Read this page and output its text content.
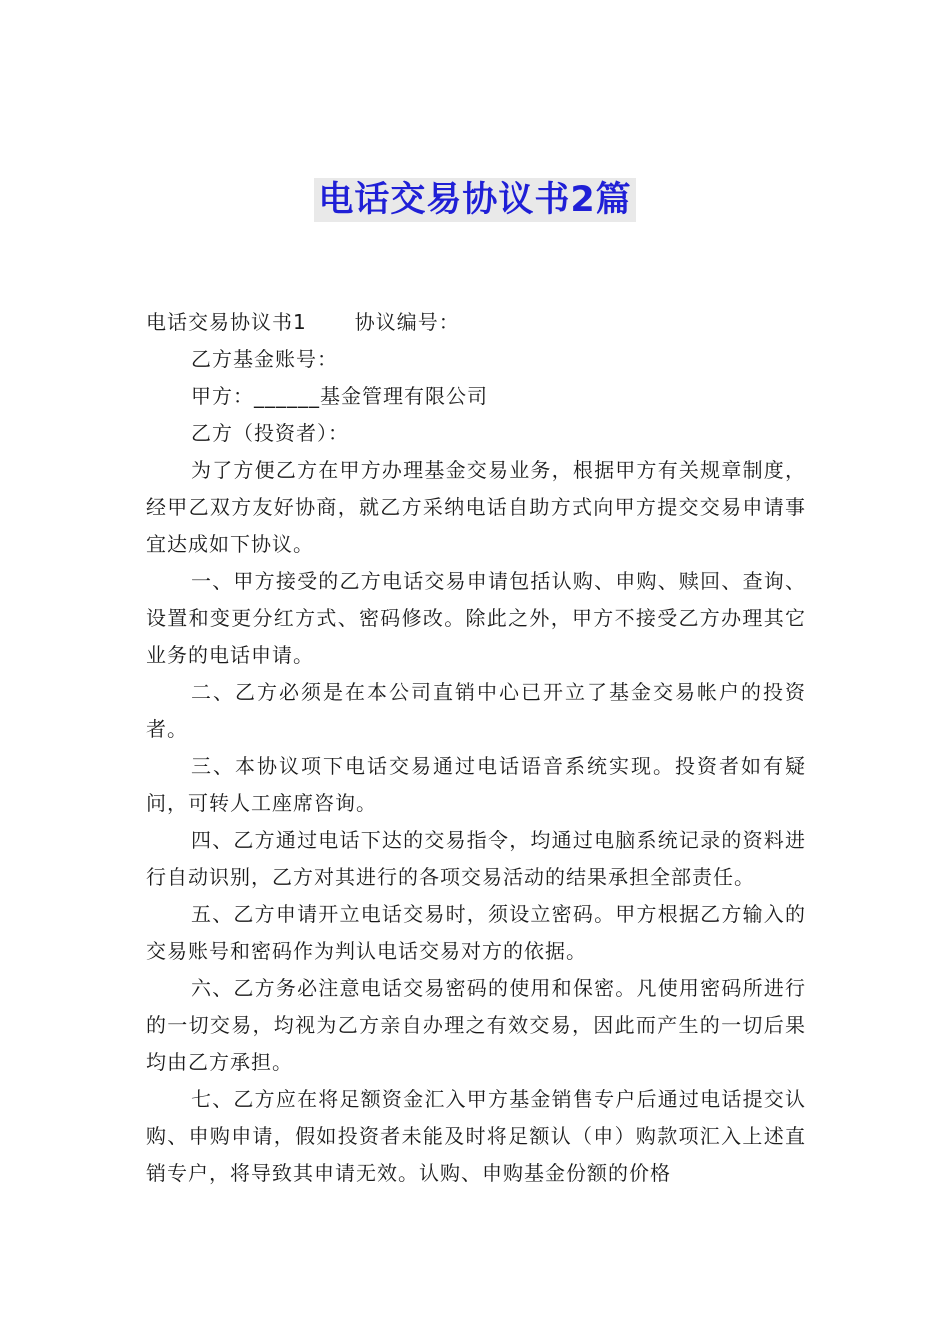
电话交易协议书2篇

电话交易协议书1 协议编号：

乙方基金账号：

甲方：______基金管理有限公司

乙方（投资者）：

为了方便乙方在甲方办理基金交易业务，根据甲方有关规章制度，经甲乙双方友好协商，就乙方采纳电话自助方式向甲方提交交易申请事宜达成如下协议。

一、甲方接受的乙方电话交易申请包括认购、申购、赎回、查询、设置和变更分红方式、密码修改。除此之外，甲方不接受乙方办理其它业务的电话申请。

二、乙方必须是在本公司直销中心已开立了基金交易帐户的投资者。

三、本协议项下电话交易通过电话语音系统实现。投资者如有疑问，可转人工座席咨询。

四、乙方通过电话下达的交易指令，均通过电脑系统记录的资料进行自动识别，乙方对其进行的各项交易活动的结果承担全部责任。

五、乙方申请开立电话交易时，须设立密码。甲方根据乙方输入的交易账号和密码作为判认电话交易对方的依据。

六、乙方务必注意电话交易密码的使用和保密。凡使用密码所进行的一切交易，均视为乙方亲自办理之有效交易，因此而产生的一切后果均由乙方承担。

七、乙方应在将足额资金汇入甲方基金销售专户后通过电话提交认购、申购申请，假如投资者未能及时将足额认（申）购款项汇入上述直销专户，将导致其申请无效。认购、申购基金份额的价格
